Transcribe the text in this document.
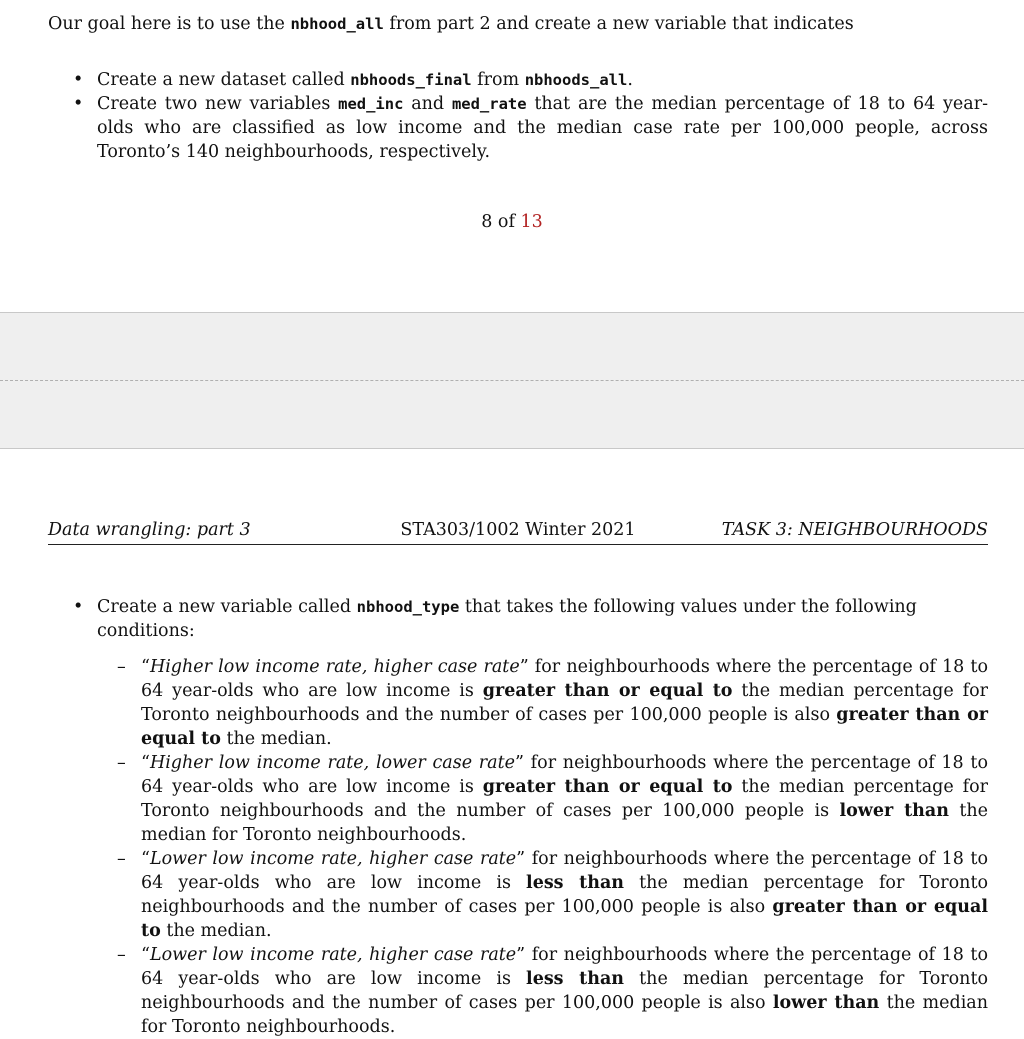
Our goal here is to use the nbhood_all from part 2 and create a new variable that indicates

• Create a new dataset called nbhoods_final from nbhoods_all.
• Create two new variables med_inc and med_rate that are the median percentage of 18 to 64 year-olds who are classified as low income and the median case rate per 100,000 people, across Toronto’s 140 neighbourhoods, respectively.

8 of 13

Data wrangling: part 3	STA303/1002 Winter 2021	TASK 3: NEIGHBOURHOODS
• Create a new variable called nbhood_type that takes the following values under the following conditions:
– “Higher low income rate, higher case rate” for neighbourhoods where the percentage of 18 to 64 year-olds who are low income is greater than or equal to the median percentage for Toronto neighbourhoods and the number of cases per 100,000 people is also greater than or equal to the median.
– “Higher low income rate, lower case rate” for neighbourhoods where the percentage of 18 to 64 year-olds who are low income is greater than or equal to the median percentage for Toronto neighbourhoods and the number of cases per 100,000 people is lower than the median for Toronto neighbourhoods.
– “Lower low income rate, higher case rate” for neighbourhoods where the percentage of 18 to 64 year-olds who are low income is less than the median percentage for Toronto neighbourhoods and the number of cases per 100,000 people is also greater than or equal to the median.
– “Lower low income rate, higher case rate” for neighbourhoods where the percentage of 18 to 64 year-olds who are low income is less than the median percentage for Toronto neighbourhoods and the number of cases per 100,000 people is also lower than the median for Toronto neighbourhoods.
